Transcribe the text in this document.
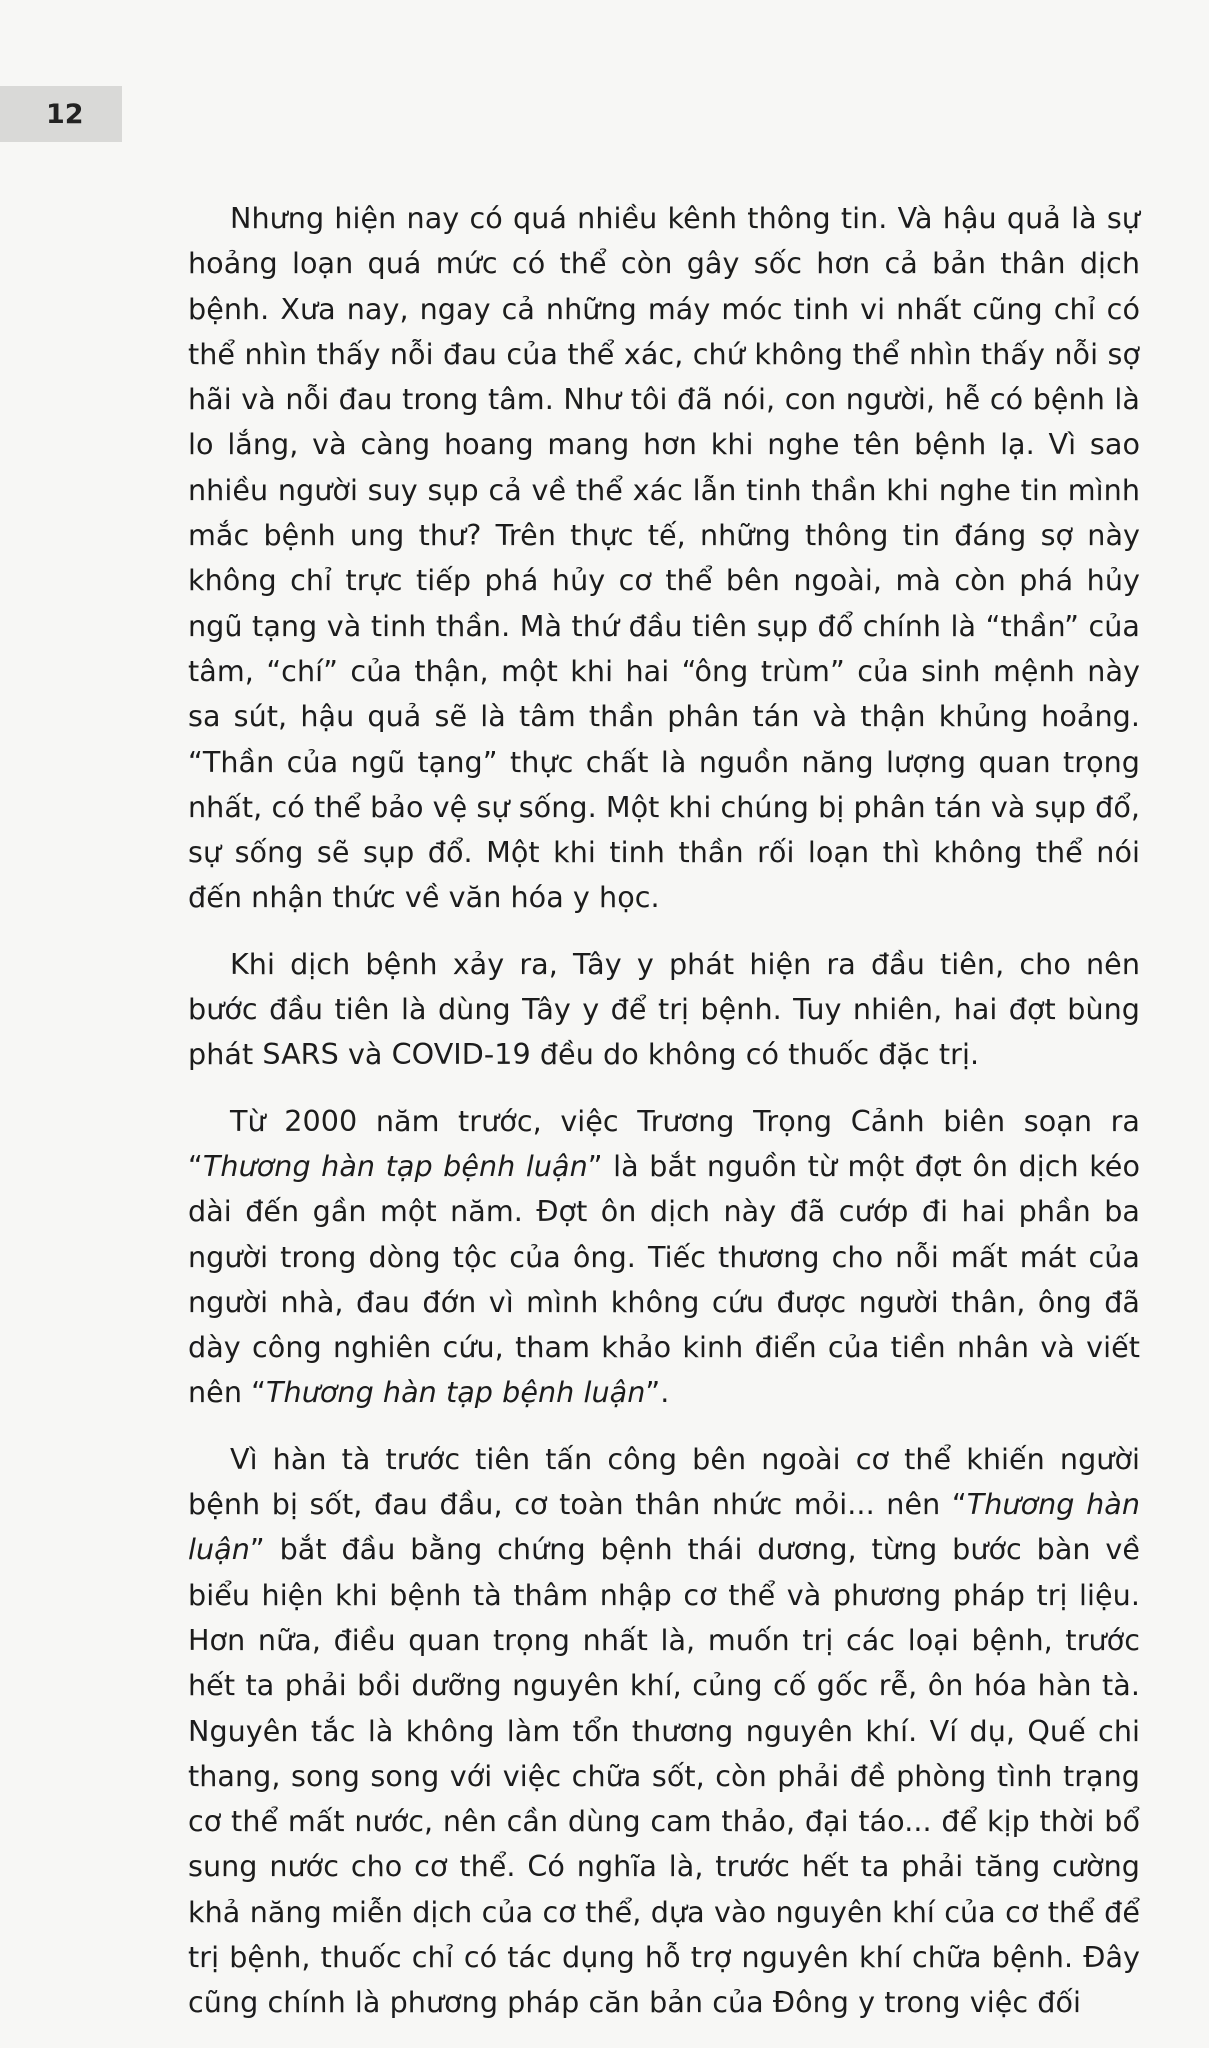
12

Nhưng hiện nay có quá nhiều kênh thông tin. Và hậu quả là sự hoảng loạn quá mức có thể còn gây sốc hơn cả bản thân dịch bệnh. Xưa nay, ngay cả những máy móc tinh vi nhất cũng chỉ có thể nhìn thấy nỗi đau của thể xác, chứ không thể nhìn thấy nỗi sợ hãi và nỗi đau trong tâm. Như tôi đã nói, con người, hễ có bệnh là lo lắng, và càng hoang mang hơn khi nghe tên bệnh lạ. Vì sao nhiều người suy sụp cả về thể xác lẫn tinh thần khi nghe tin mình mắc bệnh ung thư? Trên thực tế, những thông tin đáng sợ này không chỉ trực tiếp phá hủy cơ thể bên ngoài, mà còn phá hủy ngũ tạng và tinh thần. Mà thứ đầu tiên sụp đổ chính là “thần” của tâm, “chí” của thận, một khi hai “ông trùm” của sinh mệnh này sa sút, hậu quả sẽ là tâm thần phân tán và thận khủng hoảng. “Thần của ngũ tạng” thực chất là nguồn năng lượng quan trọng nhất, có thể bảo vệ sự sống. Một khi chúng bị phân tán và sụp đổ, sự sống sẽ sụp đổ. Một khi tinh thần rối loạn thì không thể nói đến nhận thức về văn hóa y học.

Khi dịch bệnh xảy ra, Tây y phát hiện ra đầu tiên, cho nên bước đầu tiên là dùng Tây y để trị bệnh. Tuy nhiên, hai đợt bùng phát SARS và COVID-19 đều do không có thuốc đặc trị.

Từ 2000 năm trước, việc Trương Trọng Cảnh biên soạn ra “Thương hàn tạp bệnh luận” là bắt nguồn từ một đợt ôn dịch kéo dài đến gần một năm. Đợt ôn dịch này đã cướp đi hai phần ba người trong dòng tộc của ông. Tiếc thương cho nỗi mất mát của người nhà, đau đớn vì mình không cứu được người thân, ông đã dày công nghiên cứu, tham khảo kinh điển của tiền nhân và viết nên “Thương hàn tạp bệnh luận”.

Vì hàn tà trước tiên tấn công bên ngoài cơ thể khiến người bệnh bị sốt, đau đầu, cơ toàn thân nhức mỏi... nên “Thương hàn luận” bắt đầu bằng chứng bệnh thái dương, từng bước bàn về biểu hiện khi bệnh tà thâm nhập cơ thể và phương pháp trị liệu. Hơn nữa, điều quan trọng nhất là, muốn trị các loại bệnh, trước hết ta phải bồi dưỡng nguyên khí, củng cố gốc rễ, ôn hóa hàn tà. Nguyên tắc là không làm tổn thương nguyên khí. Ví dụ, Quế chi thang, song song với việc chữa sốt, còn phải đề phòng tình trạng cơ thể mất nước, nên cần dùng cam thảo, đại táo... để kịp thời bổ sung nước cho cơ thể. Có nghĩa là, trước hết ta phải tăng cường khả năng miễn dịch của cơ thể, dựa vào nguyên khí của cơ thể để trị bệnh, thuốc chỉ có tác dụng hỗ trợ nguyên khí chữa bệnh. Đây cũng chính là phương pháp căn bản của Đông y trong việc đối
